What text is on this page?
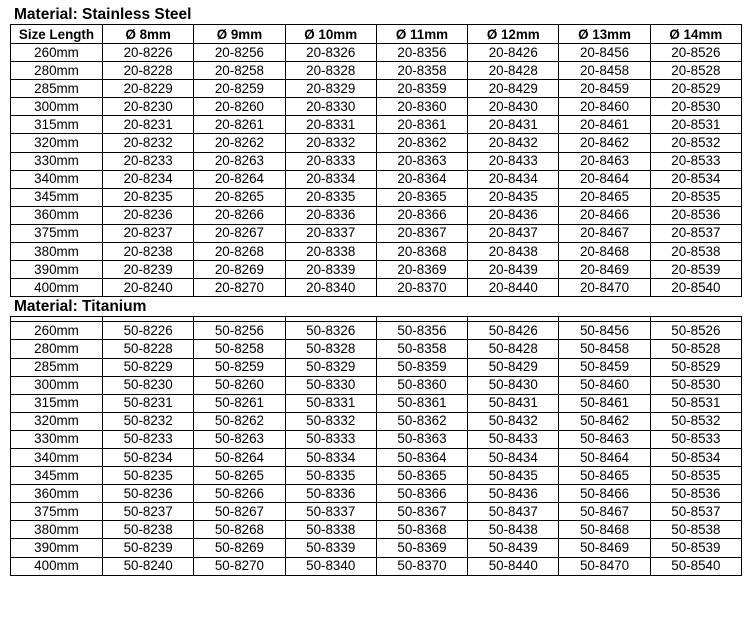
Material: Stainless Steel
Size Length	Ø 8mm	Ø 9mm	Ø 10mm	Ø 11mm	Ø 12mm	Ø 13mm	Ø 14mm
260mm	20-8226	20-8256	20-8326	20-8356	20-8426	20-8456	20-8526
280mm	20-8228	20-8258	20-8328	20-8358	20-8428	20-8458	20-8528
285mm	20-8229	20-8259	20-8329	20-8359	20-8429	20-8459	20-8529
300mm	20-8230	20-8260	20-8330	20-8360	20-8430	20-8460	20-8530
315mm	20-8231	20-8261	20-8331	20-8361	20-8431	20-8461	20-8531
320mm	20-8232	20-8262	20-8332	20-8362	20-8432	20-8462	20-8532
330mm	20-8233	20-8263	20-8333	20-8363	20-8433	20-8463	20-8533
340mm	20-8234	20-8264	20-8334	20-8364	20-8434	20-8464	20-8534
345mm	20-8235	20-8265	20-8335	20-8365	20-8435	20-8465	20-8535
360mm	20-8236	20-8266	20-8336	20-8366	20-8436	20-8466	20-8536
375mm	20-8237	20-8267	20-8337	20-8367	20-8437	20-8467	20-8537
380mm	20-8238	20-8268	20-8338	20-8368	20-8438	20-8468	20-8538
390mm	20-8239	20-8269	20-8339	20-8369	20-8439	20-8469	20-8539
400mm	20-8240	20-8270	20-8340	20-8370	20-8440	20-8470	20-8540
Material: Titanium

260mm	50-8226	50-8256	50-8326	50-8356	50-8426	50-8456	50-8526
280mm	50-8228	50-8258	50-8328	50-8358	50-8428	50-8458	50-8528
285mm	50-8229	50-8259	50-8329	50-8359	50-8429	50-8459	50-8529
300mm	50-8230	50-8260	50-8330	50-8360	50-8430	50-8460	50-8530
315mm	50-8231	50-8261	50-8331	50-8361	50-8431	50-8461	50-8531
320mm	50-8232	50-8262	50-8332	50-8362	50-8432	50-8462	50-8532
330mm	50-8233	50-8263	50-8333	50-8363	50-8433	50-8463	50-8533
340mm	50-8234	50-8264	50-8334	50-8364	50-8434	50-8464	50-8534
345mm	50-8235	50-8265	50-8335	50-8365	50-8435	50-8465	50-8535
360mm	50-8236	50-8266	50-8336	50-8366	50-8436	50-8466	50-8536
375mm	50-8237	50-8267	50-8337	50-8367	50-8437	50-8467	50-8537
380mm	50-8238	50-8268	50-8338	50-8368	50-8438	50-8468	50-8538
390mm	50-8239	50-8269	50-8339	50-8369	50-8439	50-8469	50-8539
400mm	50-8240	50-8270	50-8340	50-8370	50-8440	50-8470	50-8540
